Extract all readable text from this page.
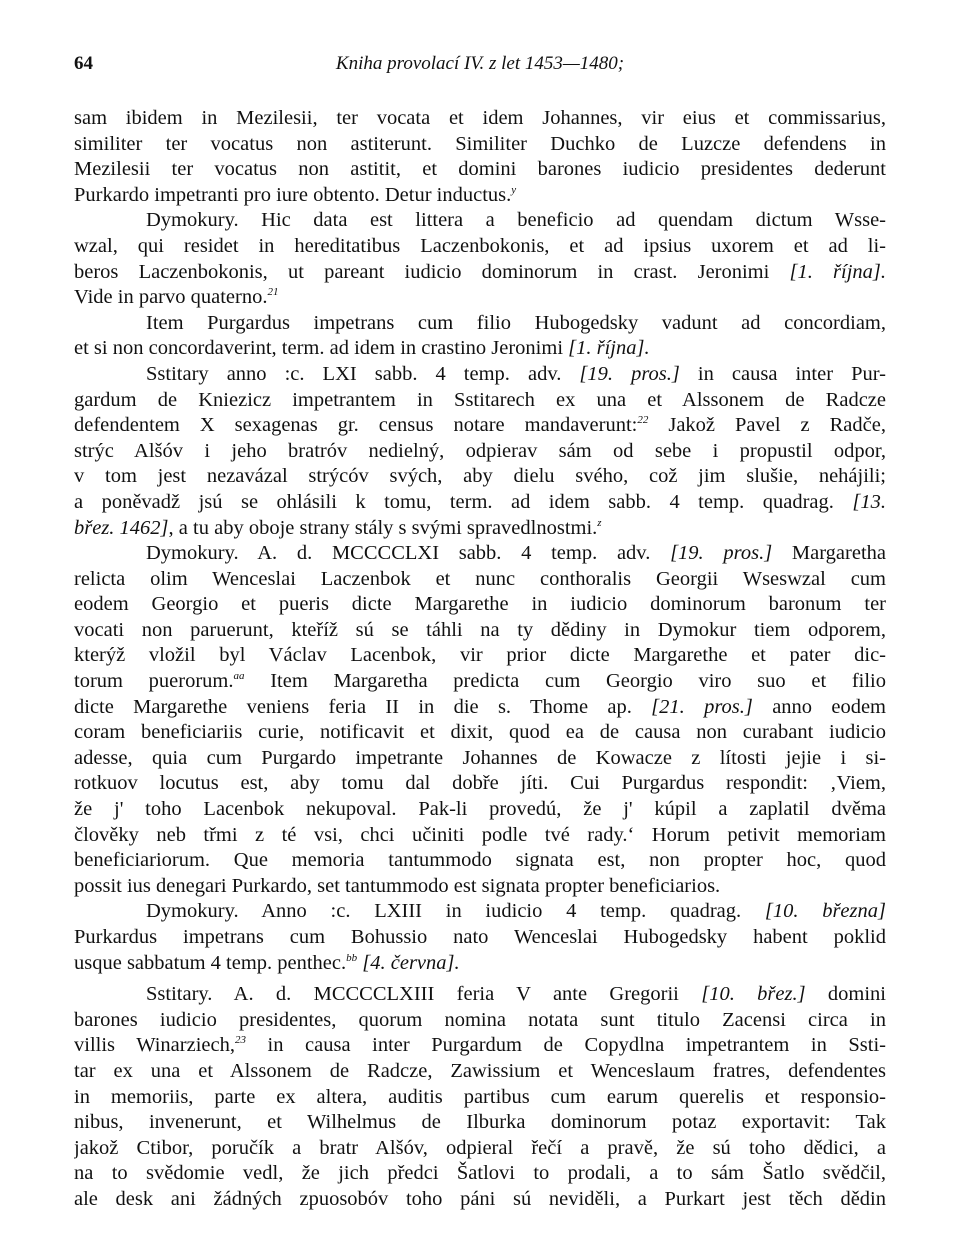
64	Kniha provolací IV. z let 1453—1480;
sam ibidem in Mezilesii, ter vocata et idem Johannes, vir eius et commissarius,
similiter ter vocatus non astiterunt. Similiter Duchko de Luzcze defendens in
Mezilesii ter vocatus non astitit, et domini barones iudicio presidentes dederunt
Purkardo impetranti pro iure obtento. Detur inductus.$^y$
Dymokury. Hic data est littera a beneficio ad quendam dictum Wsse-
wzal, qui residet in hereditatibus Laczenbokonis, et ad ipsius uxorem et ad li-
beros Laczenbokonis, ut pareant iudicio dominorum in crast. Jeronimi [1. října].
Vide in parvo quaterno.$^{21}$
Item Purgardus impetrans cum filio Hubogedsky vadunt ad concordiam,
et si non concordaverint, term. ad idem in crastino Jeronimi [1. října].
Sstitary anno :c. LXI sabb. 4 temp. adv. [19. pros.] in causa inter Pur-
gardum de Kniezicz impetrantem in Sstitarech ex una et Alssonem de Radcze
defendentem X sexagenas gr. census notare mandaverunt:$^{22}$ Jakož Pavel z Radče,
strýc Alšóv i jeho bratróv nedielný, odpierav sám od sebe i propustil odpor,
v tom jest nezavázal strýcóv svých, aby dielu svého, což jim slušie, nehájili;
a poněvadž jsú se ohlásili k tomu, term. ad idem sabb. 4 temp. quadrag. [13.
břez. 1462], a tu aby oboje strany stály s svými spravedlnostmi.$^z$
Dymokury. A. d. MCCCCLXI sabb. 4 temp. adv. [19. pros.] Margaretha
relicta olim Wenceslai Laczenbok et nunc conthoralis Georgii Wseswzal cum
eodem Georgio et pueris dicte Margarethe in iudicio dominorum baronum ter
vocati non paruerunt, kteříž sú se táhli na ty dědiny in Dymokur tiem odporem,
kterýž vložil byl Václav Lacenbok, vir prior dicte Margarethe et pater dic-
torum puerorum.$^{aa}$ Item Margaretha predicta cum Georgio viro suo et filio
dicte Margarethe veniens feria II in die s. Thome ap. [21. pros.] anno eodem
coram beneficiariis curie, notificavit et dixit, quod ea de causa non curabant iudicio
adesse, quia cum Purgardo impetrante Johannes de Kowacze z lítosti jejie i si-
rotkuov locutus est, aby tomu dal dobře jíti. Cui Purgardus respondit: ‚Viem,
že j' toho Lacenbok nekupoval. Pak-li provedú, že j' kúpil a zaplatil dvěma
člověky neb třmi z té vsi, chci učiniti podle tvé rady.‘ Horum petivit memoriam
beneficiariorum. Que memoria tantummodo signata est, non propter hoc, quod
possit ius denegari Purkardo, set tantummodo est signata propter beneficiarios.
Dymokury. Anno :c. LXIII in iudicio 4 temp. quadrag. [10. března]
Purkardus impetrans cum Bohussio nato Wenceslai Hubogedsky habent poklid
usque sabbatum 4 temp. penthec.$^{bb}$ [4. června].
Sstitary. A. d. MCCCCLXIII feria V ante Gregorii [10. břez.] domini
barones iudicio presidentes, quorum nomina notata sunt titulo Zacensi circa in
villis Winarziech,$^{23}$ in causa inter Purgardum de Copydlna impetrantem in Ssti-
tar ex una et Alssonem de Radcze, Zawissium et Wenceslaum fratres, defendentes
in memoriis, parte ex altera, auditis partibus cum earum querelis et responsio-
nibus, invenerunt, et Wilhelmus de Ilburka dominorum potaz exportavit: Tak
jakož Ctibor, poručík a bratr Alšóv, odpieral řečí a pravě, že sú toho dědici, a
na to svědomie vedl, že jich předci Šatlovi to prodali, a to sám Šatlo svědčil,
ale desk ani žádných zpuosobóv toho páni sú neviděli, a Purkart jest těch dědin
